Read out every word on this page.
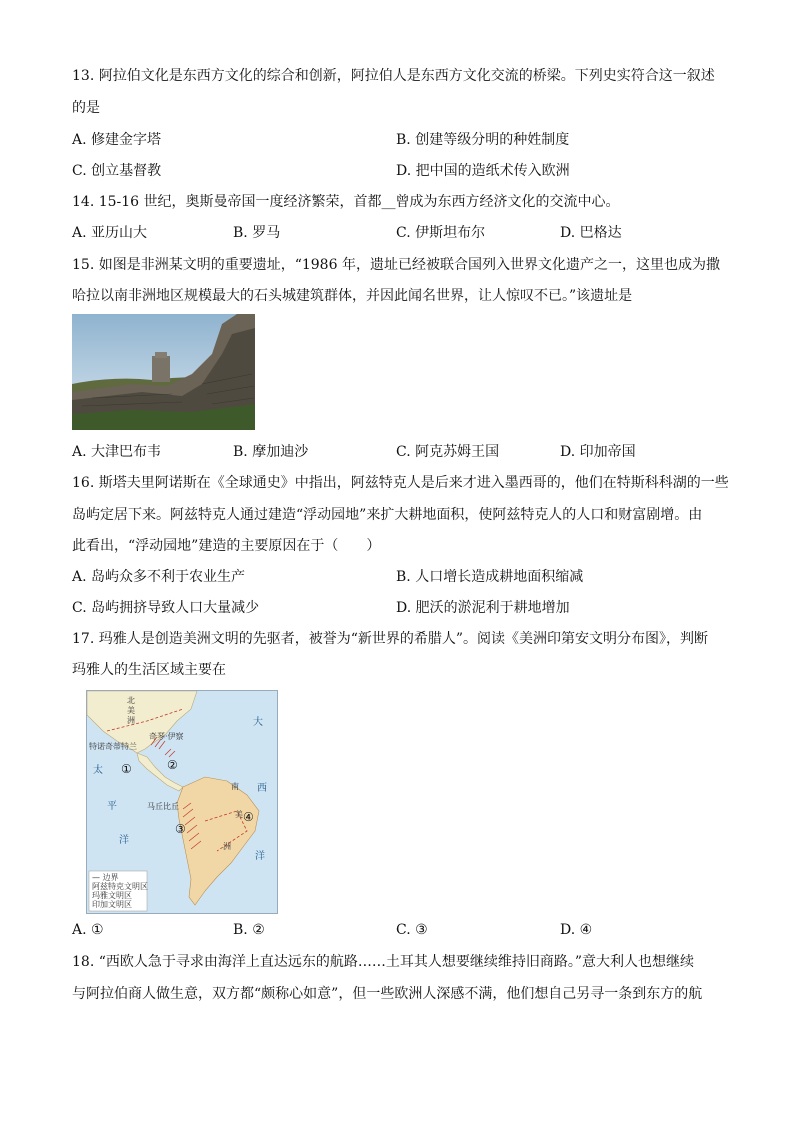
13. 阿拉伯文化是东西方文化的综合和创新，阿拉伯人是东西方文化交流的桥梁。下列史实符合这一叙述
的是
A. 修建金字塔	B. 创建等级分明的种姓制度
C. 创立基督教	D. 把中国的造纸术传入欧洲
14. 15-16 世纪，奥斯曼帝国一度经济繁荣，首都__曾成为东西方经济文化的交流中心。
A. 亚历山大	B. 罗马	C. 伊斯坦布尔	D. 巴格达
15. 如图是非洲某文明的重要遗址，“1986 年，遗址已经被联合国列入世界文化遗产之一，这里也成为撒
哈拉以南非洲地区规模最大的石头城建筑群体，并因此闻名世界，让人惊叹不已。”该遗址是
A. 大津巴布韦	B. 摩加迪沙	C. 阿克苏姆王国	D. 印加帝国
16. 斯塔夫里阿诺斯在《全球通史》中指出，阿兹特克人是后来才进入墨西哥的，他们在特斯科科湖的一些
岛屿定居下来。阿兹特克人通过建造“浮动园地”来扩大耕地面积，使阿兹特克人的人口和财富剧增。由
此看出，“浮动园地”建造的主要原因在于（　　）
A. 岛屿众多不利于农业生产	B. 人口增长造成耕地面积缩减
C. 岛屿拥挤导致人口大量减少	D. 肥沃的淤泥利于耕地增加
17. 玛雅人是创造美洲文明的先驱者，被誉为“新世界的希腊人”。阅读《美洲印第安文明分布图》，判断
玛雅人的生活区域主要在
北
美
洲
南
美
洲
大
西
洋
太
平
洋
特诺奇蒂特兰
奇琴·伊察
马丘比丘
①	②
③
④
— 边界
阿兹特克文明区
玛雅文明区
印加文明区
A. ①	B. ②	C. ③	D. ④
18. “西欧人急于寻求由海洋上直达远东的航路……土耳其人想要继续维持旧商路。”意大利人也想继续
与阿拉伯商人做生意，双方都“颇称心如意”，但一些欧洲人深感不满，他们想自己另寻一条到东方的航
